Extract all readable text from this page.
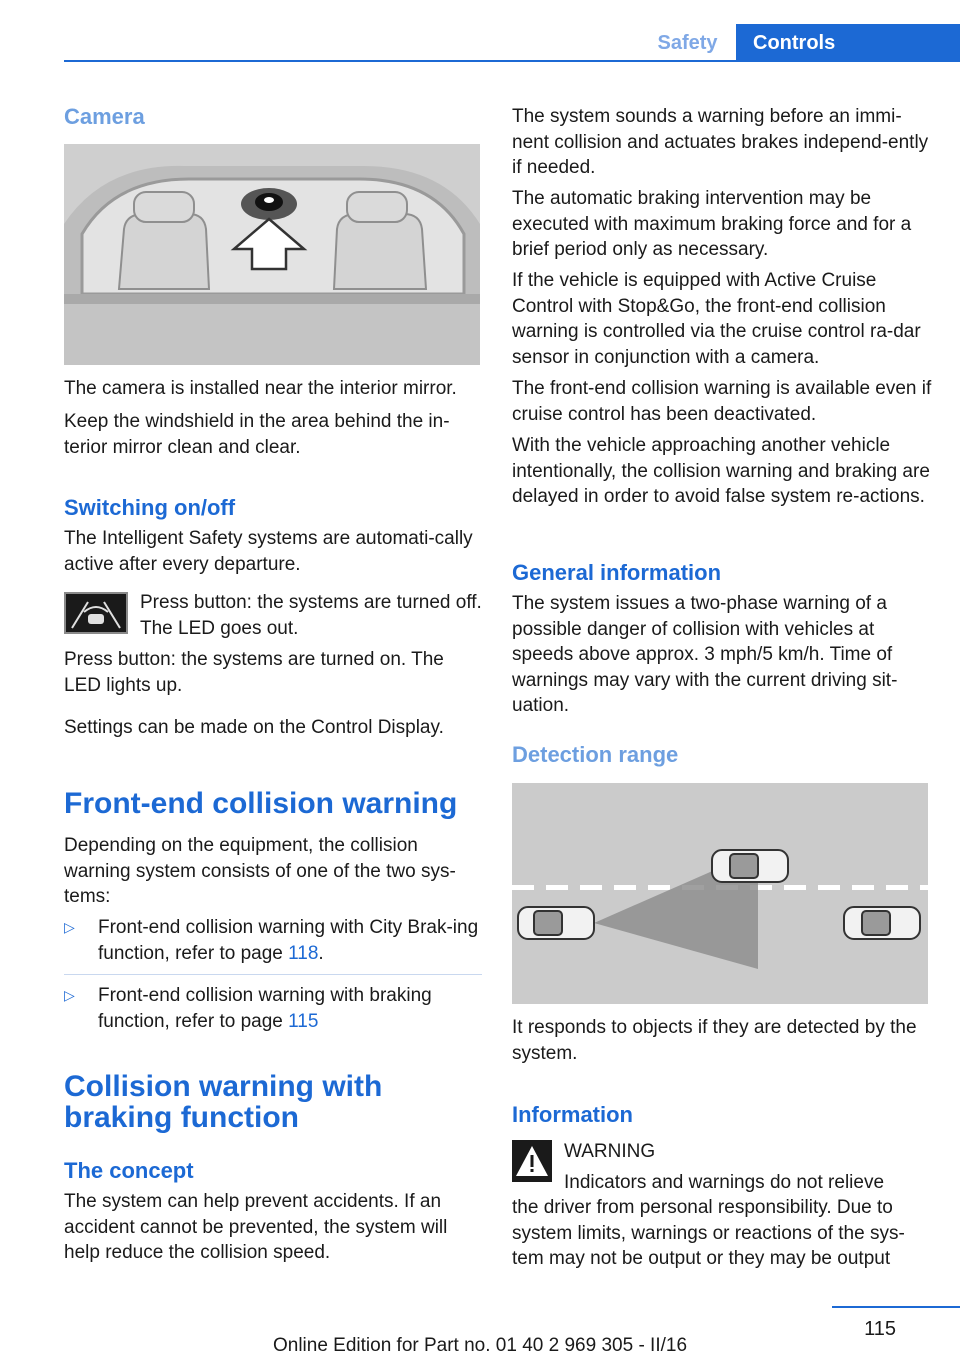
Safety	Controls
Camera

The camera is installed near the interior mirror.

Keep the windshield in the area behind the in‐terior mirror clean and clear.

Switching on/off

The Intelligent Safety systems are automati‐cally active after every departure.

Press button: the systems are turned off. The LED goes out.

Press button: the systems are turned on. The LED lights up.

Settings can be made on the Control Display.

Front-end collision warning

Depending on the equipment, the collision warning system consists of one of the two sys‐tems:

▷	Front-end collision warning with City Brak‐ing function, refer to page 118.

▷	Front-end collision warning with braking function, refer to page 115

Collision warning with
braking function
The concept

The system can help prevent accidents. If an accident cannot be prevented, the system will help reduce the collision speed.

The system sounds a warning before an immi‐nent collision and actuates brakes independ‐ently if needed.

The automatic braking intervention may be executed with maximum braking force and for a brief period only as necessary.

If the vehicle is equipped with Active Cruise Control with Stop&Go, the front-end collision warning is controlled via the cruise control ra‐dar sensor in conjunction with a camera.

The front-end collision warning is available even if cruise control has been deactivated.

With the vehicle approaching another vehicle intentionally, the collision warning and braking are delayed in order to avoid false system re‐actions.

General information

The system issues a two-phase warning of a possible danger of collision with vehicles at speeds above approx. 3 mph/5 km/h. Time of warnings may vary with the current driving sit‐uation.

Detection range

It responds to objects if they are detected by the system.

Information
WARNING

Indicators and warnings do not relieve

the driver from personal responsibility. Due to system limits, warnings or reactions of the sys‐tem may not be output or they may be output

115
Online Edition for Part no. 01 40 2 969 305 - II/16
